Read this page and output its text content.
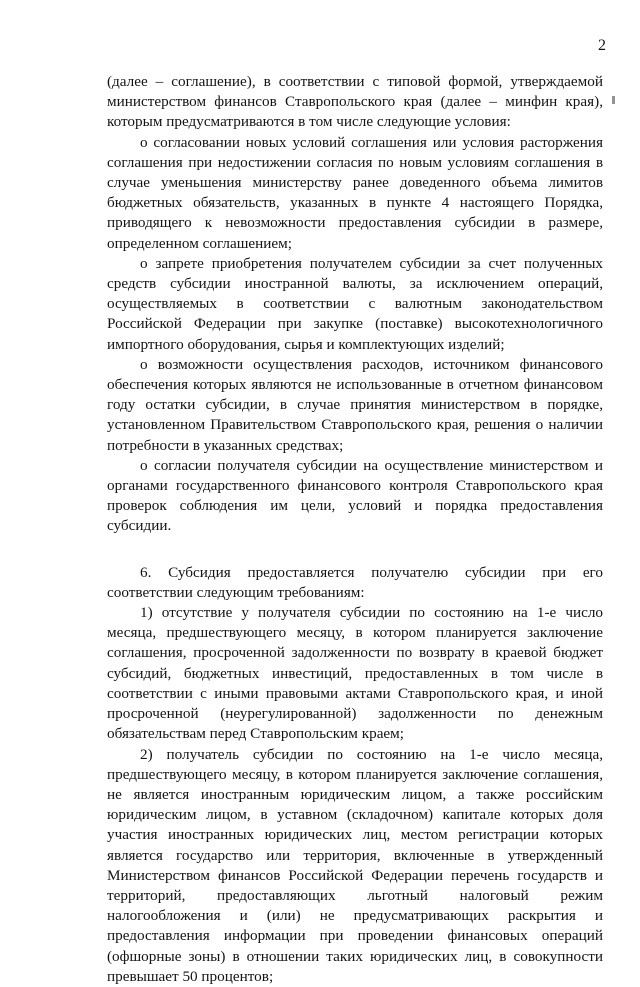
2

(далее – соглашение), в соответствии с типовой формой, утверждаемой министерством финансов Ставропольского края (далее – минфин края), которым предусматриваются в том числе следующие условия:

о согласовании новых условий соглашения или условия расторжения соглашения при недостижении согласия по новым условиям соглашения в случае уменьшения министерству ранее доведенного объема лимитов бюджетных обязательств, указанных в пункте 4 настоящего Порядка, приводящего к невозможности предоставления субсидии в размере, определенном соглашением;

о запрете приобретения получателем субсидии за счет полученных средств субсидии иностранной валюты, за исключением операций, осуществляемых в соответствии с валютным законодательством Российской Федерации при закупке (поставке) высокотехнологичного импортного оборудования, сырья и комплектующих изделий;

о возможности осуществления расходов, источником финансового обеспечения которых являются не использованные в отчетном финансовом году остатки субсидии, в случае принятия министерством в порядке, установленном Правительством Ставропольского края, решения о наличии потребности в указанных средствах;

о согласии получателя субсидии на осуществление министерством и органами государственного финансового контроля Ставропольского края проверок соблюдения им цели, условий и порядка предоставления субсидии.

6. Субсидия предоставляется получателю субсидии при его соответствии следующим требованиям:

1) отсутствие у получателя субсидии по состоянию на 1-е число месяца, предшествующего месяцу, в котором планируется заключение соглашения, просроченной задолженности по возврату в краевой бюджет субсидий, бюджетных инвестиций, предоставленных в том числе в соответствии с иными правовыми актами Ставропольского края, и иной просроченной (неурегулированной) задолженности по денежным обязательствам перед Ставропольским краем;

2) получатель субсидии по состоянию на 1-е число месяца, предшествующего месяцу, в котором планируется заключение соглашения, не является иностранным юридическим лицом, а также российским юридическим лицом, в уставном (складочном) капитале которых доля участия иностранных юридических лиц, местом регистрации которых является государство или территория, включенные в утвержденный Министерством финансов Российской Федерации перечень государств и территорий, предоставляющих льготный налоговый режим налогообложения и (или) не предусматривающих раскрытия и предоставления информации при проведении финансовых операций (офшорные зоны) в отношении таких юридических лиц, в совокупности превышает 50 процентов;
